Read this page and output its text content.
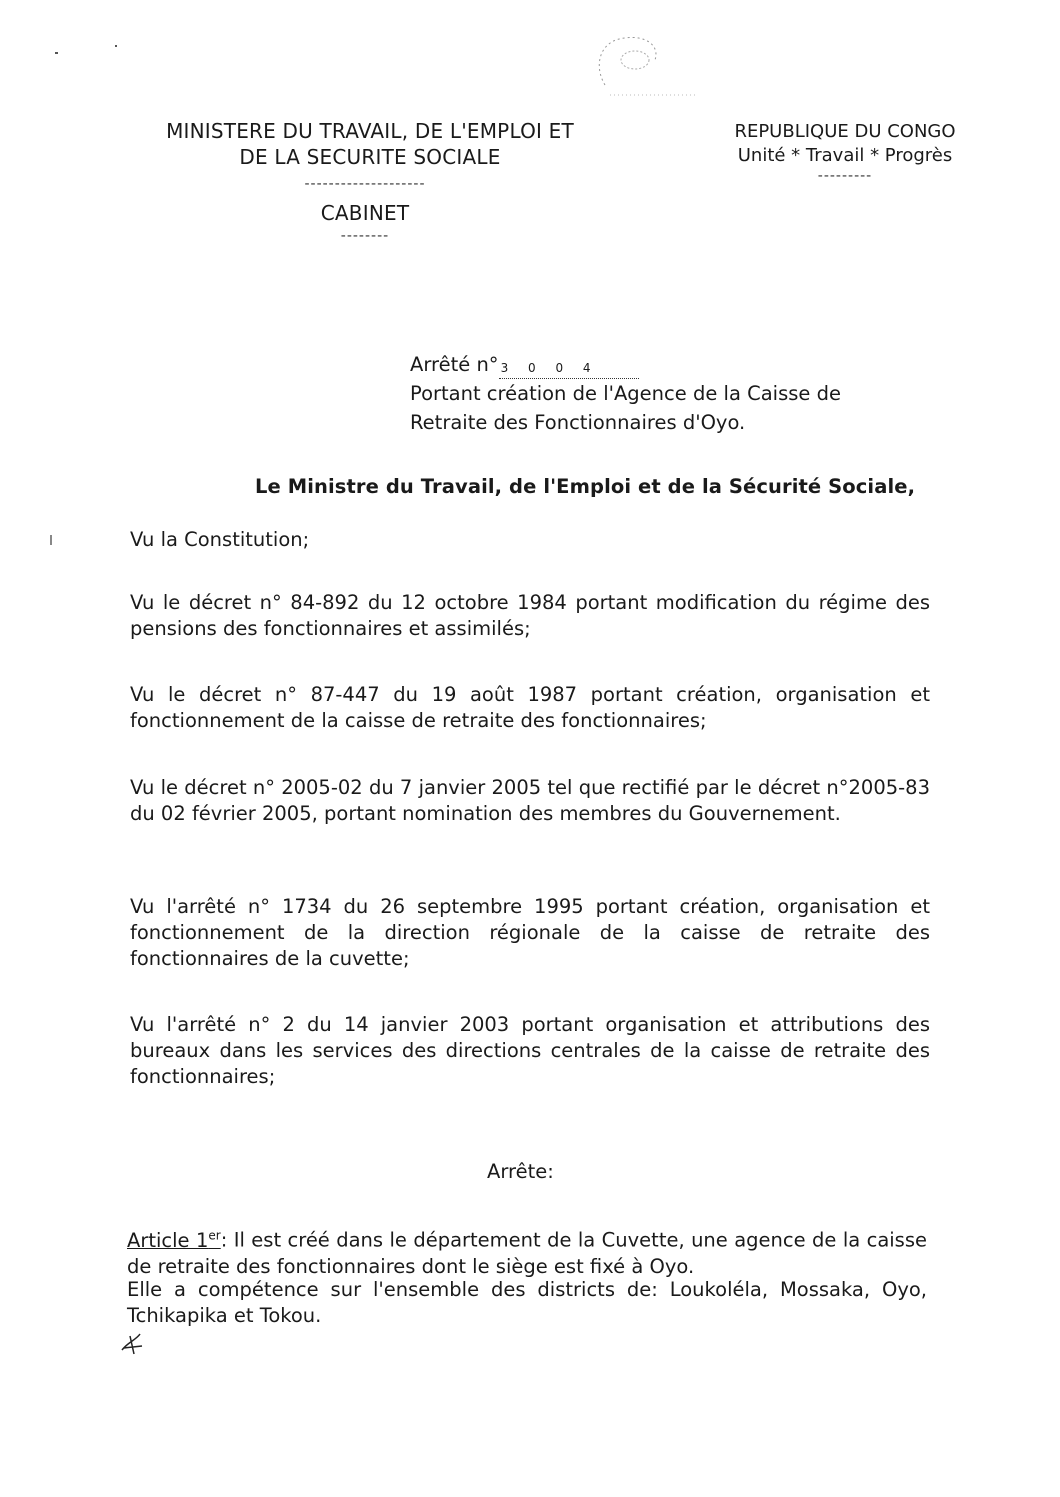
MINISTERE DU TRAVAIL, DE L'EMPLOI ET
DE LA SECURITE SOCIALE
--------------------
CABINET
--------
REPUBLIQUE DU CONGO
Unité * Travail * Progrès
---------
Arrêté n° 3 0 0 4
Portant création de l'Agence de la Caisse de
Retraite des Fonctionnaires d'Oyo.
Le Ministre du Travail, de l'Emploi et de la Sécurité Sociale,
Vu la Constitution;
Vu le décret n° 84-892 du 12 octobre 1984 portant modification du régime des pensions des fonctionnaires et assimilés;
Vu le décret n° 87-447 du 19 août 1987 portant création, organisation et fonctionnement de la caisse de retraite des fonctionnaires;
Vu le décret n° 2005-02 du 7 janvier 2005 tel que rectifié par le décret n°2005-83 du 02 février 2005, portant nomination des membres du Gouvernement.
Vu l'arrêté n° 1734 du 26 septembre 1995 portant création, organisation et fonctionnement de la direction régionale de la caisse de retraite des fonctionnaires de la cuvette;
Vu l'arrêté n° 2 du 14 janvier 2003 portant organisation et attributions des bureaux dans les services des directions centrales de la caisse de retraite des fonctionnaires;
Arrête:
Article 1er: Il est créé dans le département de la Cuvette, une agence de la caisse de retraite des fonctionnaires dont le siège est fixé à Oyo.
Elle a compétence sur l'ensemble des districts de: Loukoléla, Mossaka, Oyo, Tchikapika et Tokou.
